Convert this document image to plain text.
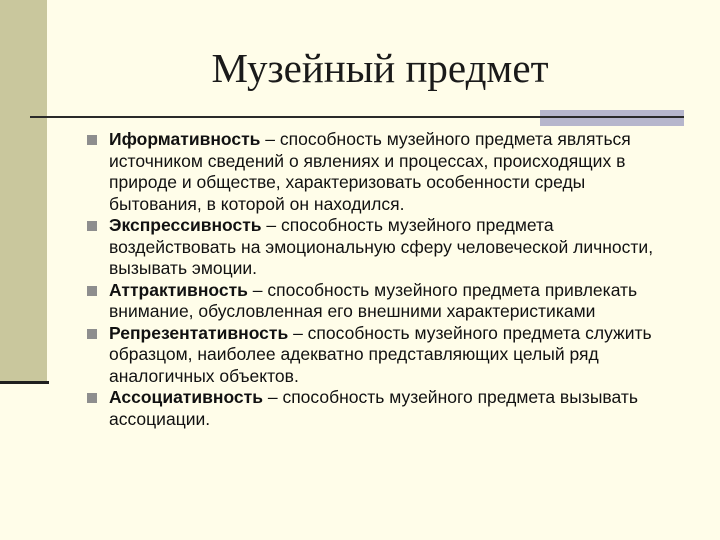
Музейный предмет
Иформативность – способность музейного предмета являться источником сведений о явлениях и процессах, происходящих в природе и обществе, характеризовать особенности среды бытования, в которой он находился.
Экспрессивность – способность музейного предмета воздействовать на эмоциональную сферу человеческой личности, вызывать эмоции.
Аттрактивность – способность музейного предмета привлекать внимание, обусловленная его внешними характеристиками
Репрезентативность – способность музейного предмета служить образцом, наиболее адекватно представляющих целый ряд аналогичных объектов.
Ассоциативность – способность музейного предмета вызывать ассоциации.
